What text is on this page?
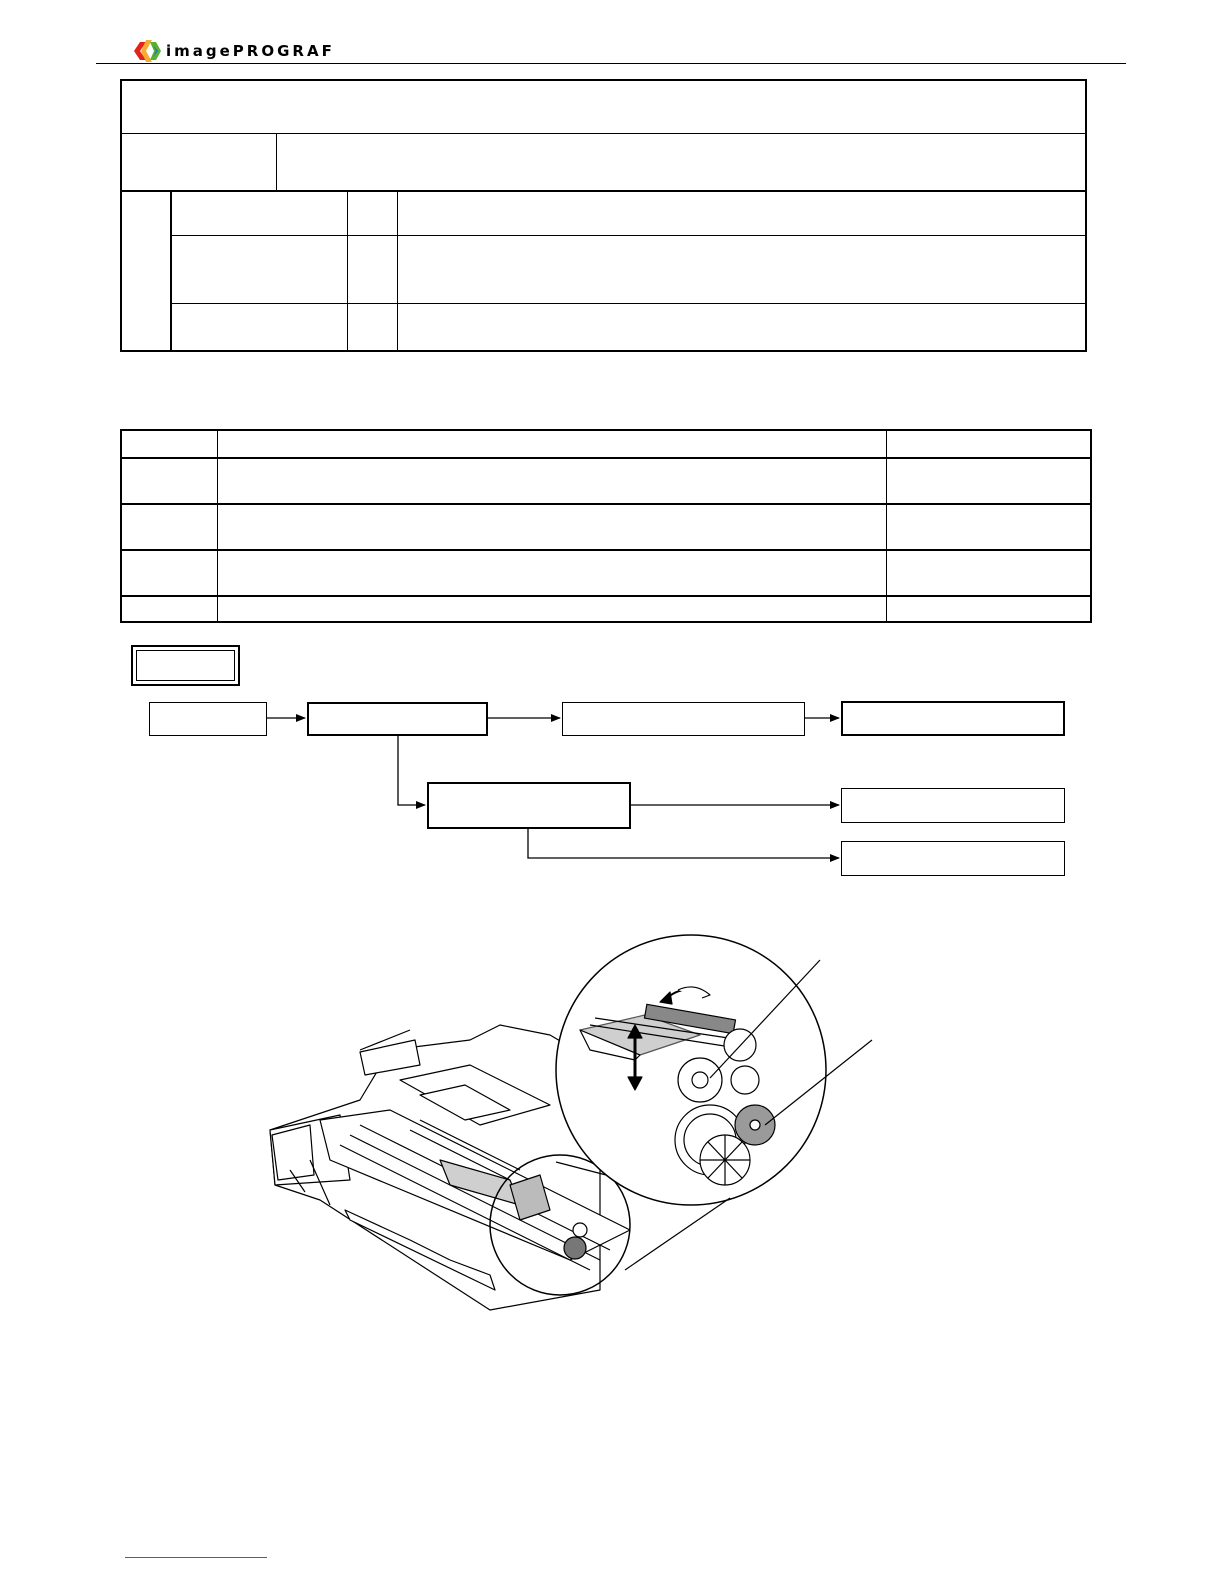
imagePROGRAF
